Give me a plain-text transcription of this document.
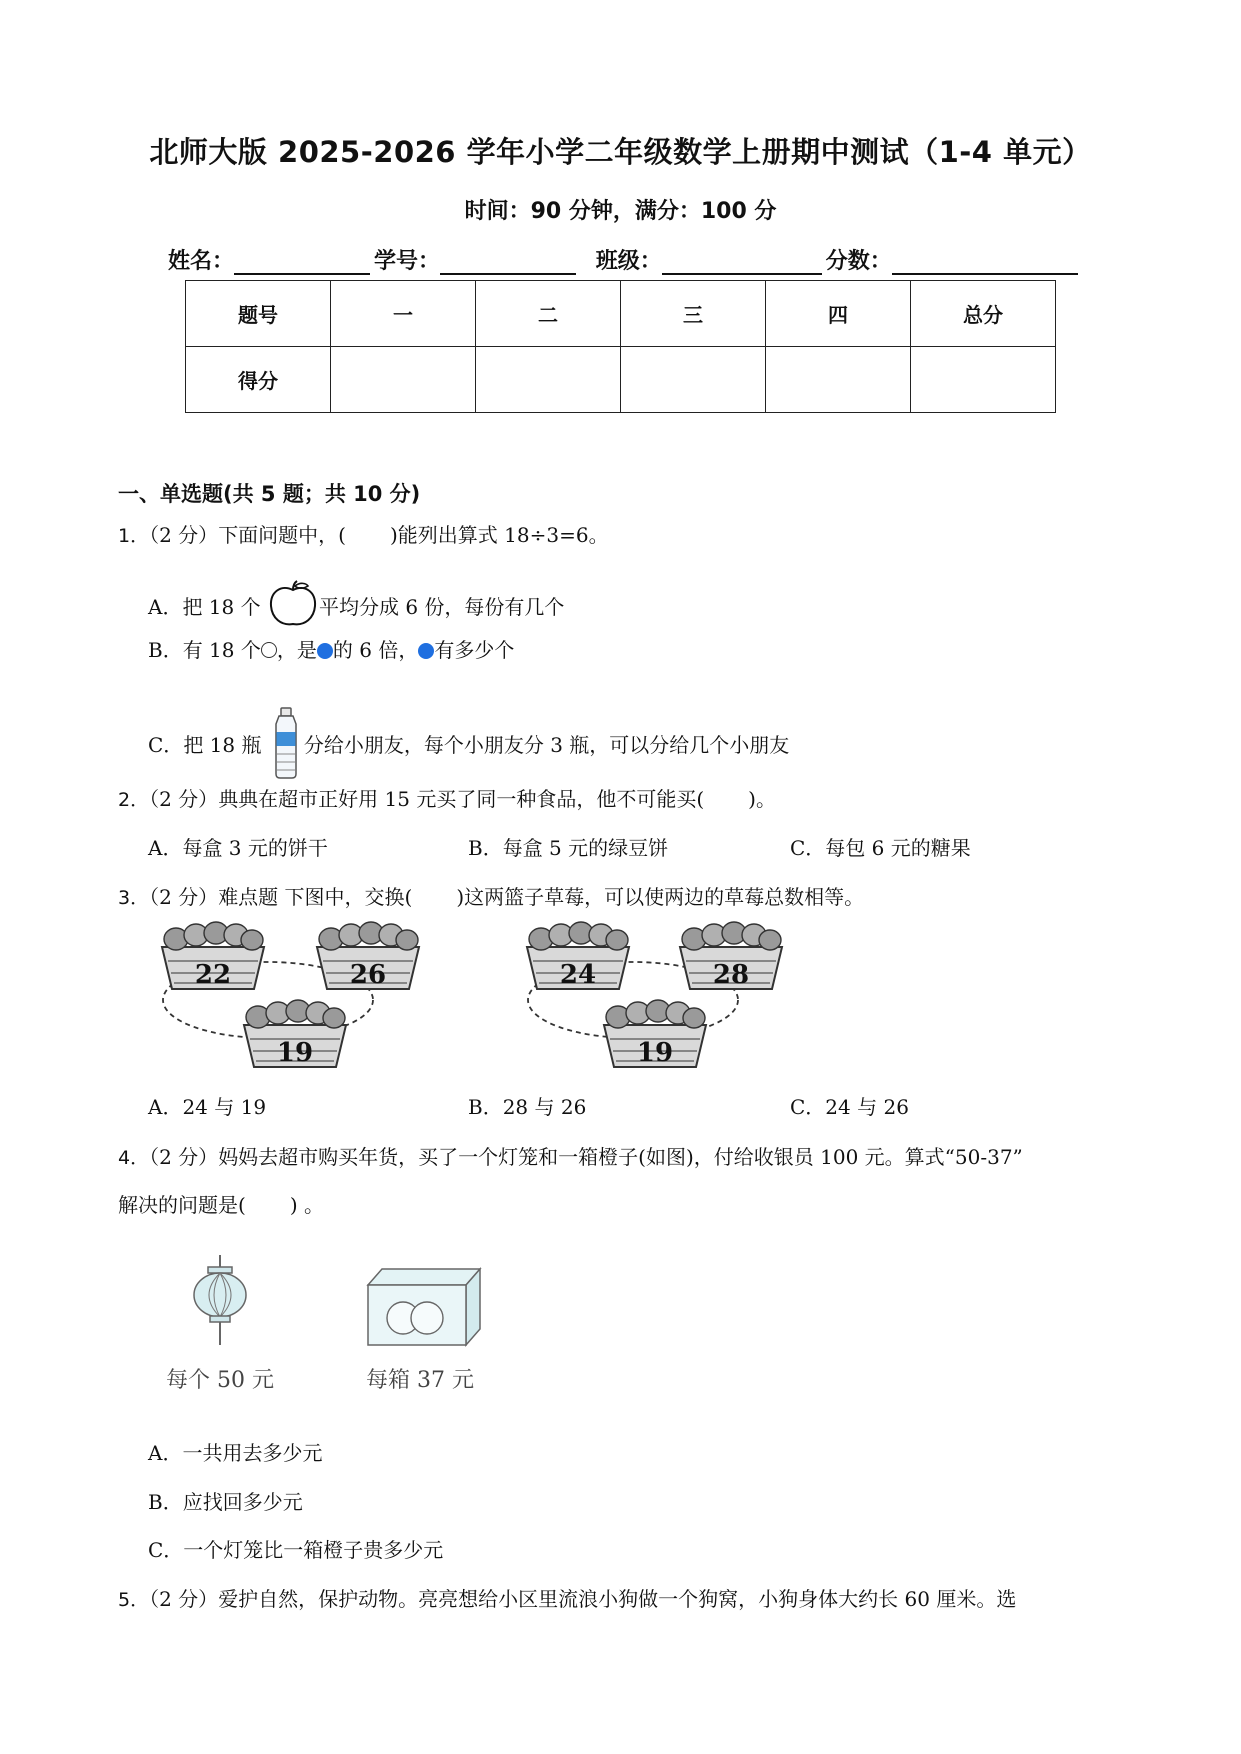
北师大版 2025-2026 学年小学二年级数学上册期中测试（1-4 单元）
时间：90 分钟，满分：100 分
姓名：	学号：	班级：	分数：
题号	一	二	三	四	总分
得分					
一、单选题(共 5 题；共 10 分)
1．（2 分）下面问题中，( )能列出算式 18÷3=6。
A．把 18 个	平均分成 6 份，每份有几个
B．有 18 个 ，是 的 6 倍， 有多少个
C．把 18 瓶 分给小朋友，每个小朋友分 3 瓶，可以分给几个小朋友
2．（2 分）典典在超市正好用 15 元买了同一种食品，他不可能买( )。
A．每盒 3 元的饼干	B．每盒 5 元的绿豆饼	C．每包 6 元的糖果
3．（2 分）难点题 下图中，交换( )这两篮子草莓，可以使两边的草莓总数相等。
22	26
19
24	28
19
A．24 与 19	B．28 与 26	C．24 与 26
4．（2 分）妈妈去超市购买年货，买了一个灯笼和一箱橙子(如图)，付给收银员 100 元。算式“50-37”
解决的问题是( ) 。
每个 50 元	每箱 37 元
A．一共用去多少元
B．应找回多少元
C．一个灯笼比一箱橙子贵多少元
5．（2 分）爱护自然，保护动物。亮亮想给小区里流浪小狗做一个狗窝，小狗身体大约长 60 厘米。选
